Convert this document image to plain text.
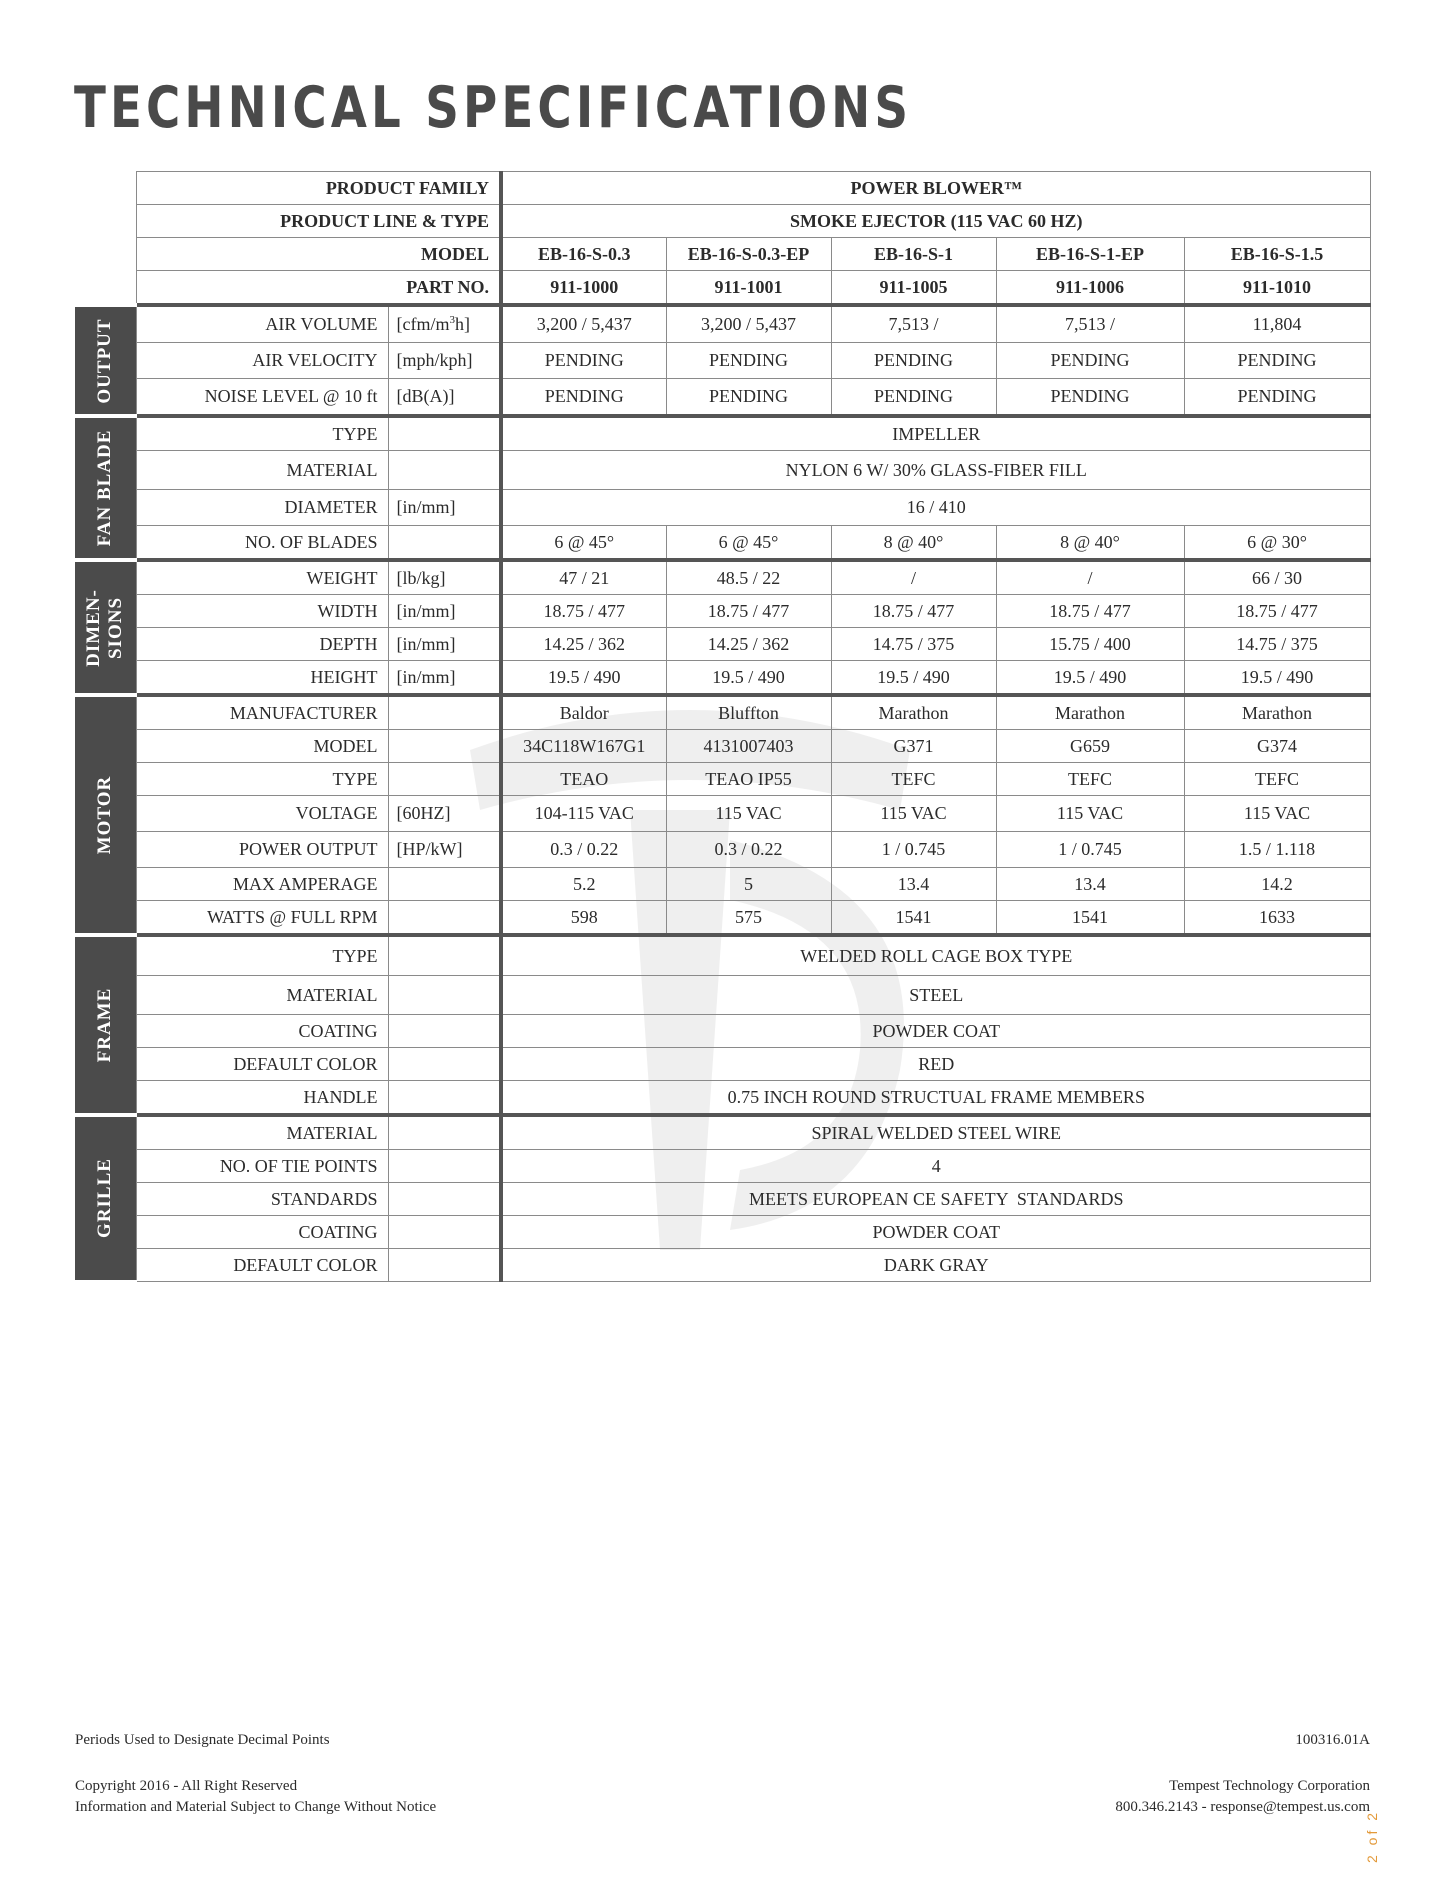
TECHNICAL SPECIFICATIONS
	PRODUCT FAMILY		POWER BLOWER™				
	PRODUCT LINE & TYPE		SMOKE EJECTOR (115 VAC 60 HZ)				
	MODEL		EB-16-S-0.3	EB-16-S-0.3-EP	EB-16-S-1	EB-16-S-1-EP	EB-16-S-1.5
	PART NO.		911-1000	911-1001	911-1005	911-1006	911-1010

OUTPUT	AIR VOLUME	$[cfm/m^3h]$	3,200 / 5,437	3,200 / 5,437	7,513 /	7,513 /	11,804
	AIR VELOCITY	[mph/kph]	PENDING	PENDING	PENDING	PENDING	PENDING
	NOISE LEVEL @ 10 ft	[dB(A)]	PENDING	PENDING	PENDING	PENDING	PENDING

FAN BLADE	TYPE		IMPELLER				
	MATERIAL		NYLON 6 W/ 30% GLASS-FIBER FILL				
	DIAMETER	[in/mm]	16 / 410				
	NO. OF BLADES		6 @ 45°	6 @ 45°	8 @ 40°	8 @ 40°	6 @ 30°

DIMEN-
SIONS	WEIGHT	[lb/kg]	47 / 21	48.5 / 22	/	/	66 / 30
	WIDTH	[in/mm]	18.75 / 477	18.75 / 477	18.75 / 477	18.75 / 477	18.75 / 477
	DEPTH	[in/mm]	14.25 / 362	14.25 / 362	14.75 / 375	15.75 / 400	14.75 / 375
	HEIGHT	[in/mm]	19.5 / 490	19.5 / 490	19.5 / 490	19.5 / 490	19.5 / 490

MOTOR	MANUFACTURER		Baldor	Bluffton	Marathon	Marathon	Marathon
	MODEL		34C118W167G1	4131007403	G371	G659	G374
	TYPE		TEAO	TEAO IP55	TEFC	TEFC	TEFC
	VOLTAGE	[60HZ]	104-115 VAC	115 VAC	115 VAC	115 VAC	115 VAC
	POWER OUTPUT	[HP/kW]	0.3 / 0.22	0.3 / 0.22	1 / 0.745	1 / 0.745	1.5 / 1.118
	MAX AMPERAGE		5.2	5	13.4	13.4	14.2
	WATTS @ FULL RPM		598	575	1541	1541	1633

FRAME	TYPE		WELDED ROLL CAGE BOX TYPE				
	MATERIAL		STEEL				
	COATING		POWDER COAT				
	DEFAULT COLOR		RED				
	HANDLE		0.75 INCH ROUND STRUCTUAL FRAME MEMBERS				

GRILLE	MATERIAL		SPIRAL WELDED STEEL WIRE				
	NO. OF TIE POINTS		4				
	STANDARDS		MEETS EUROPEAN CE SAFETY  STANDARDS				
	COATING		POWDER COAT				
	DEFAULT COLOR		DARK GRAY				
Periods Used to Designate Decimal Points	100316.01A
Copyright 2016 - All Right Reserved
Information and Material Subject to Change Without Notice
Tempest Technology Corporation
800.346.2143 - response@tempest.us.com
2 of 2
